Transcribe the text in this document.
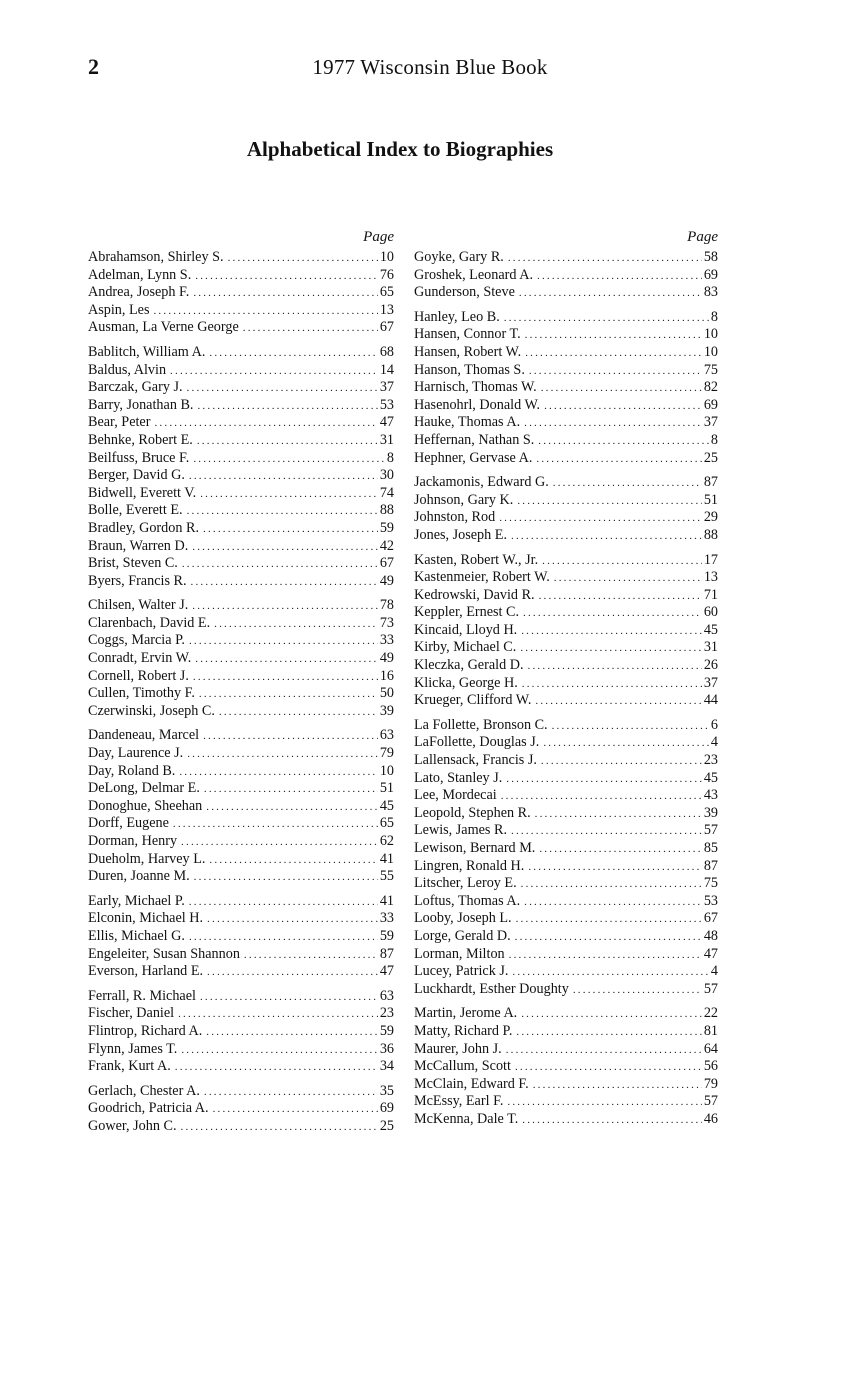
2	1977 Wisconsin Blue Book
Alphabetical Index to Biographies
Page
Abrahamson, Shirley S. .....	10
Adelman, Lynn S. .....	76
Andrea, Joseph F. .....	65
Aspin, Les .....	13
Ausman, La Verne George .....	67
Bablitch, William A. .....	68
Baldus, Alvin .....	14
Barczak, Gary J. .....	37
Barry, Jonathan B. .....	53
Bear, Peter .....	47
Behnke, Robert E. .....	31
Beilfuss, Bruce F. .....	8
Berger, David G. .....	30
Bidwell, Everett V. .....	74
Bolle, Everett E. .....	88
Bradley, Gordon R. .....	59
Braun, Warren D. .....	42
Brist, Steven C. .....	67
Byers, Francis R. .....	49
Chilsen, Walter J. .....	78
Clarenbach, David E. .....	73
Coggs, Marcia P. .....	33
Conradt, Ervin W. .....	49
Cornell, Robert J. .....	16
Cullen, Timothy F. .....	50
Czerwinski, Joseph C. .....	39
Dandeneau, Marcel .....	63
Day, Laurence J. .....	79
Day, Roland B. .....	10
DeLong, Delmar E. .....	51
Donoghue, Sheehan .....	45
Dorff, Eugene .....	65
Dorman, Henry .....	62
Dueholm, Harvey L. .....	41
Duren, Joanne M. .....	55
Early, Michael P. .....	41
Elconin, Michael H. .....	33
Ellis, Michael G. .....	59
Engeleiter, Susan Shannon .....	87
Everson, Harland E. .....	47
Ferrall, R. Michael .....	63
Fischer, Daniel .....	23
Flintrop, Richard A. .....	59
Flynn, James T. .....	36
Frank, Kurt A. .....	34
Gerlach, Chester A. .....	35
Goodrich, Patricia A. .....	69
Gower, John C. .....	25
Page
Goyke, Gary R. .....	58
Groshek, Leonard A. .....	69
Gunderson, Steve .....	83
Hanley, Leo B. .....	8
Hansen, Connor T. .....	10
Hansen, Robert W. .....	10
Hanson, Thomas S. .....	75
Harnisch, Thomas W. .....	82
Hasenohrl, Donald W. .....	69
Hauke, Thomas A. .....	37
Heffernan, Nathan S. .....	8
Hephner, Gervase A. .....	25
Jackamonis, Edward G. .....	87
Johnson, Gary K. .....	51
Johnston, Rod .....	29
Jones, Joseph E. .....	88
Kasten, Robert W., Jr. .....	17
Kastenmeier, Robert W. .....	13
Kedrowski, David R. .....	71
Keppler, Ernest C. .....	60
Kincaid, Lloyd H. .....	45
Kirby, Michael C. .....	31
Kleczka, Gerald D. .....	26
Klicka, George H. .....	37
Krueger, Clifford W. .....	44
La Follette, Bronson C. .....	6
LaFollette, Douglas J. .....	4
Lallensack, Francis J. .....	23
Lato, Stanley J. .....	45
Lee, Mordecai .....	43
Leopold, Stephen R. .....	39
Lewis, James R. .....	57
Lewison, Bernard M. .....	85
Lingren, Ronald H. .....	87
Litscher, Leroy E. .....	75
Loftus, Thomas A. .....	53
Looby, Joseph L. .....	67
Lorge, Gerald D. .....	48
Lorman, Milton .....	47
Lucey, Patrick J. .....	4
Luckhardt, Esther Doughty .....	57
Martin, Jerome A. .....	22
Matty, Richard P. .....	81
Maurer, John J. .....	64
McCallum, Scott .....	56
McClain, Edward F. .....	79
McEssy, Earl F. .....	57
McKenna, Dale T. .....	46
